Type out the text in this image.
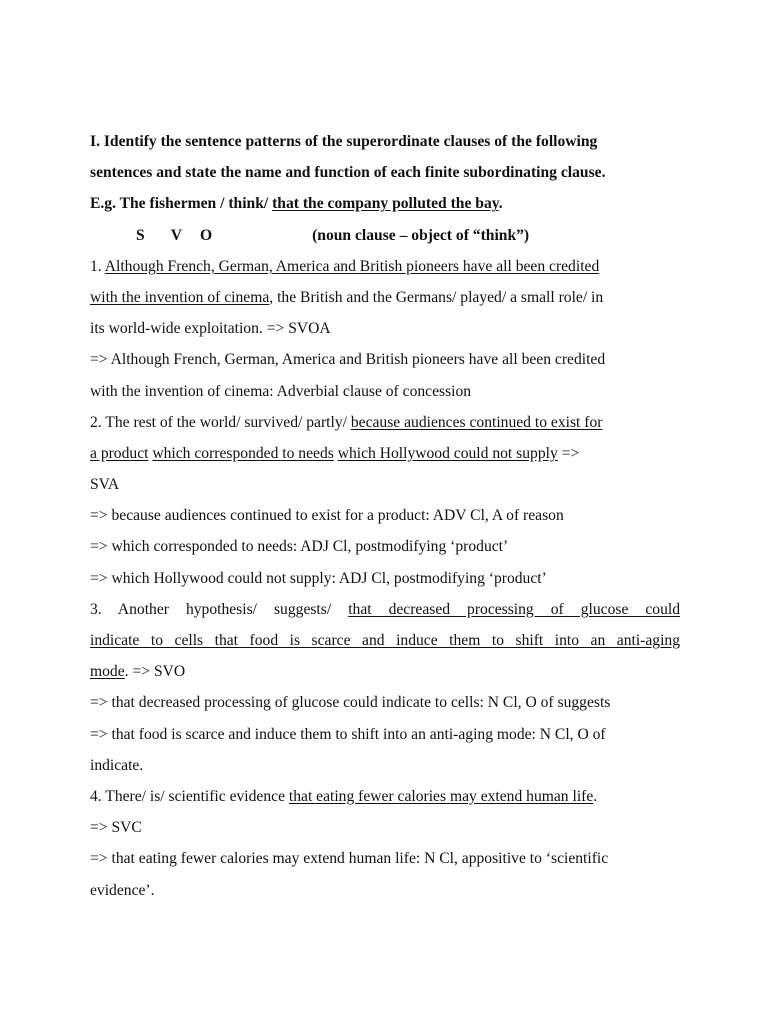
I. Identify the sentence patterns of the superordinate clauses of the following
sentences and state the name and function of each finite subordinating clause.
E.g. The fishermen / think/ that the company polluted the bay.
S V O	(noun clause – object of “think”)
1. Although French, German, America and British pioneers have all been credited
with the invention of cinema, the British and the Germans/ played/ a small role/ in
its world-wide exploitation. => SVOA
=> Although French, German, America and British pioneers have all been credited
with the invention of cinema: Adverbial clause of concession
2. The rest of the world/ survived/ partly/ because audiences continued to exist for
a product which corresponded to needs which Hollywood could not supply =>
SVA
=> because audiences continued to exist for a product: ADV Cl, A of reason
=> which corresponded to needs: ADJ Cl, postmodifying ‘product’
=> which Hollywood could not supply: ADJ Cl, postmodifying ‘product’
3. Another hypothesis/ suggests/ that decreased processing of glucose could
indicate to cells that food is scarce and induce them to shift into an anti-aging
mode. => SVO
=> that decreased processing of glucose could indicate to cells: N Cl, O of suggests
=> that food is scarce and induce them to shift into an anti-aging mode: N Cl, O of
indicate.
4. There/ is/ scientific evidence that eating fewer calories may extend human life.
=> SVC
=> that eating fewer calories may extend human life: N Cl, appositive to ‘scientific
evidence’.
